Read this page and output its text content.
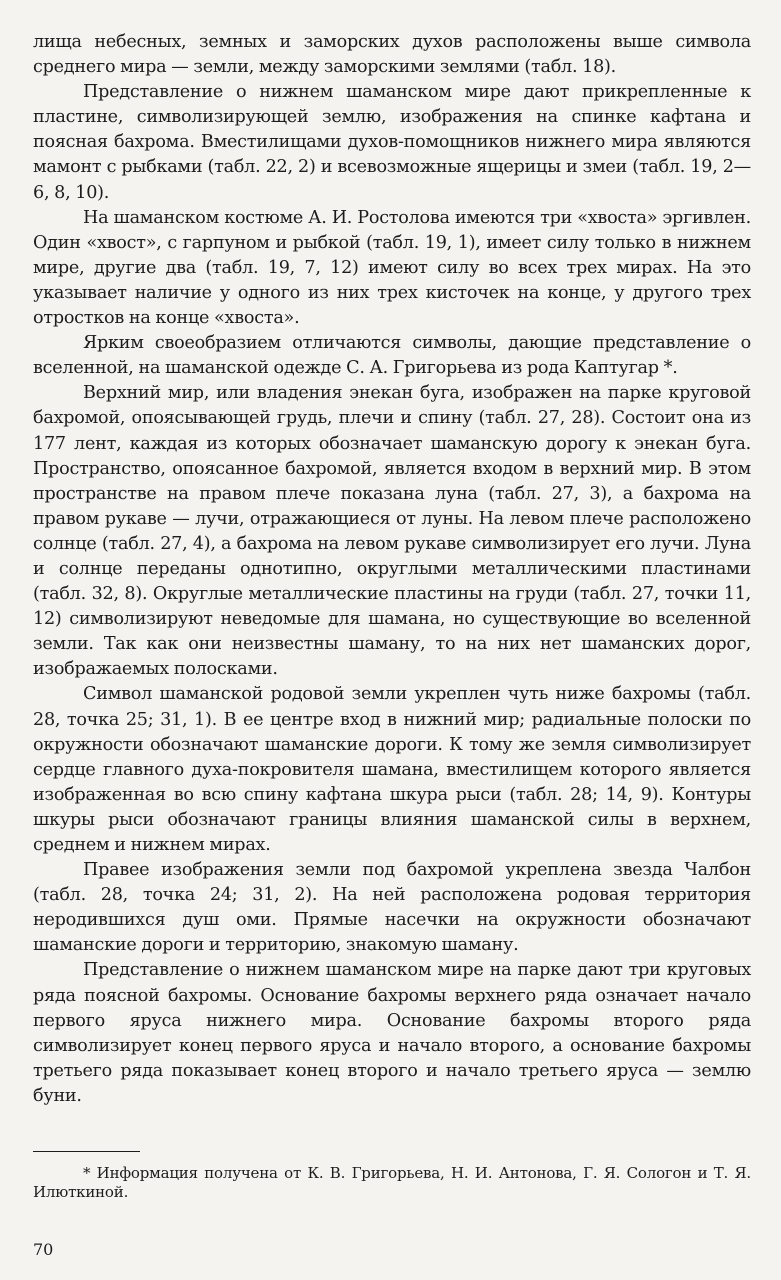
лища небесных, земных и заморских духов расположены выше символа среднего мира — земли, между заморскими землями (табл. 18).

Представление о нижнем шаманском мире дают прикрепленные к пластине, символизирующей землю, изображения на спинке кафтана и поясная бахрома. Вместилищами духов-помощников нижнего мира являются мамонт с рыбками (табл. 22, 2) и всевозможные ящерицы и змеи (табл. 19, 2—6, 8, 10).

На шаманском костюме А. И. Ростолова имеются три «хвоста» эргивлен. Один «хвост», с гарпуном и рыбкой (табл. 19, 1), имеет силу только в нижнем мире, другие два (табл. 19, 7, 12) имеют силу во всех трех мирах. На это указывает наличие у одного из них трех кисточек на конце, у другого трех отростков на конце «хвоста».

Ярким своеобразием отличаются символы, дающие представление о вселенной, на шаманской одежде С. А. Григорьева из рода Каптугар *.

Верхний мир, или владения энекан буга, изображен на парке круговой бахромой, опоясывающей грудь, плечи и спину (табл. 27, 28). Состоит она из 177 лент, каждая из которых обозначает шаманскую дорогу к энекан буга. Пространство, опоясанное бахромой, является входом в верхний мир. В этом пространстве на правом плече показана луна (табл. 27, 3), а бахрома на правом рукаве — лучи, отражающиеся от луны. На левом плече расположено солнце (табл. 27, 4), а бахрома на левом рукаве символизирует его лучи. Луна и солнце переданы однотипно, округлыми металлическими пластинами (табл. 32, 8). Округлые металлические пластины на груди (табл. 27, точки 11, 12) символизируют неведомые для шамана, но существующие во вселенной земли. Так как они неизвестны шаману, то на них нет шаманских дорог, изображаемых полосками.

Символ шаманской родовой земли укреплен чуть ниже бахромы (табл. 28, точка 25; 31, 1). В ее центре вход в нижний мир; радиальные полоски по окружности обозначают шаманские дороги. К тому же земля символизирует сердце главного духа-покровителя шамана, вместилищем которого является изображенная во всю спину кафтана шкура рыси (табл. 28; 14, 9). Контуры шкуры рыси обозначают границы влияния шаманской силы в верхнем, среднем и нижнем мирах.

Правее изображения земли под бахромой укреплена звезда Чалбон (табл. 28, точка 24; 31, 2). На ней расположена родовая территория неродившихся душ оми. Прямые насечки на окружности обозначают шаманские дороги и территорию, знакомую шаману.

Представление о нижнем шаманском мире на парке дают три круговых ряда поясной бахромы. Основание бахромы верхнего ряда означает начало первого яруса нижнего мира. Основание бахромы второго ряда символизирует конец первого яруса и начало второго, а основание бахромы третьего ряда показывает конец второго и начало третьего яруса — землю буни.

* Информация получена от К. В. Григорьева, Н. И. Антонова, Г. Я. Сологон и Т. Я. Илюткиной.

70
